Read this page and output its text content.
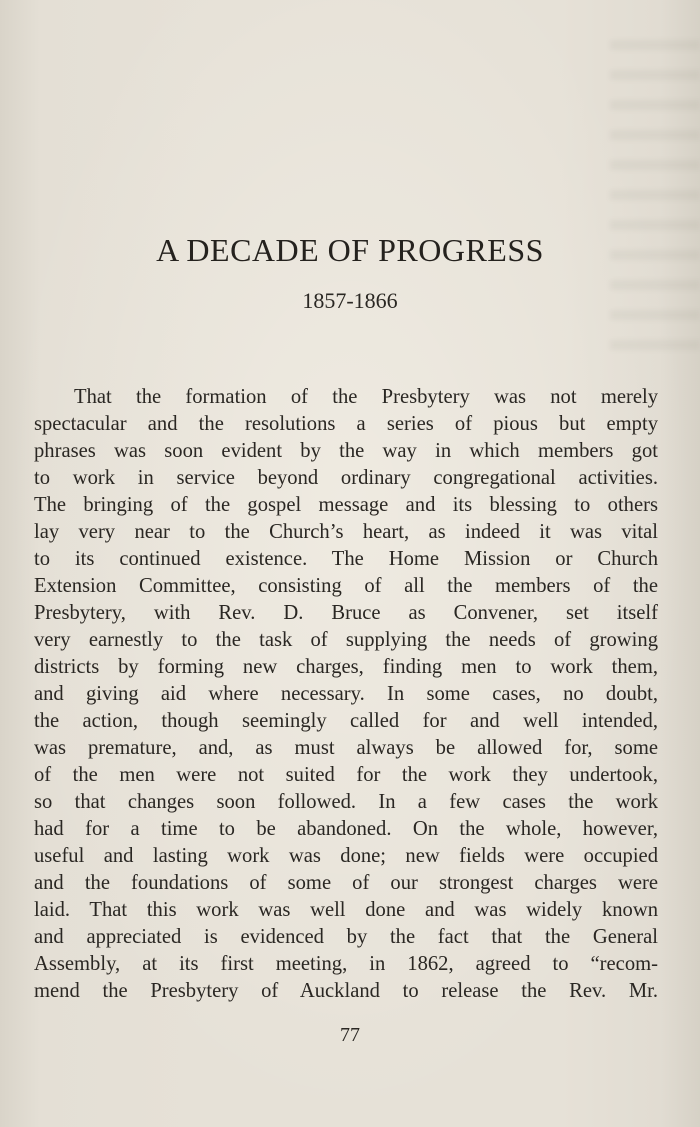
A DECADE OF PROGRESS
1857-1866
That the formation of the Presbytery was not merely
spectacular and the resolutions a series of pious but empty
phrases was soon evident by the way in which members got
to work in service beyond ordinary congregational activities.
The bringing of the gospel message and its blessing to others
lay very near to the Church’s heart, as indeed it was vital
to its continued existence. The Home Mission or Church
Extension Committee, consisting of all the members of the
Presbytery, with Rev. D. Bruce as Convener, set itself
very earnestly to the task of supplying the needs of growing
districts by forming new charges, finding men to work them,
and giving aid where necessary. In some cases, no doubt,
the action, though seemingly called for and well intended,
was premature, and, as must always be allowed for, some
of the men were not suited for the work they undertook,
so that changes soon followed. In a few cases the work
had for a time to be abandoned. On the whole, however,
useful and lasting work was done; new fields were occupied
and the foundations of some of our strongest charges were
laid. That this work was well done and was widely known
and appreciated is evidenced by the fact that the General
Assembly, at its first meeting, in 1862, agreed to “recom-
mend the Presbytery of Auckland to release the Rev. Mr.
77
